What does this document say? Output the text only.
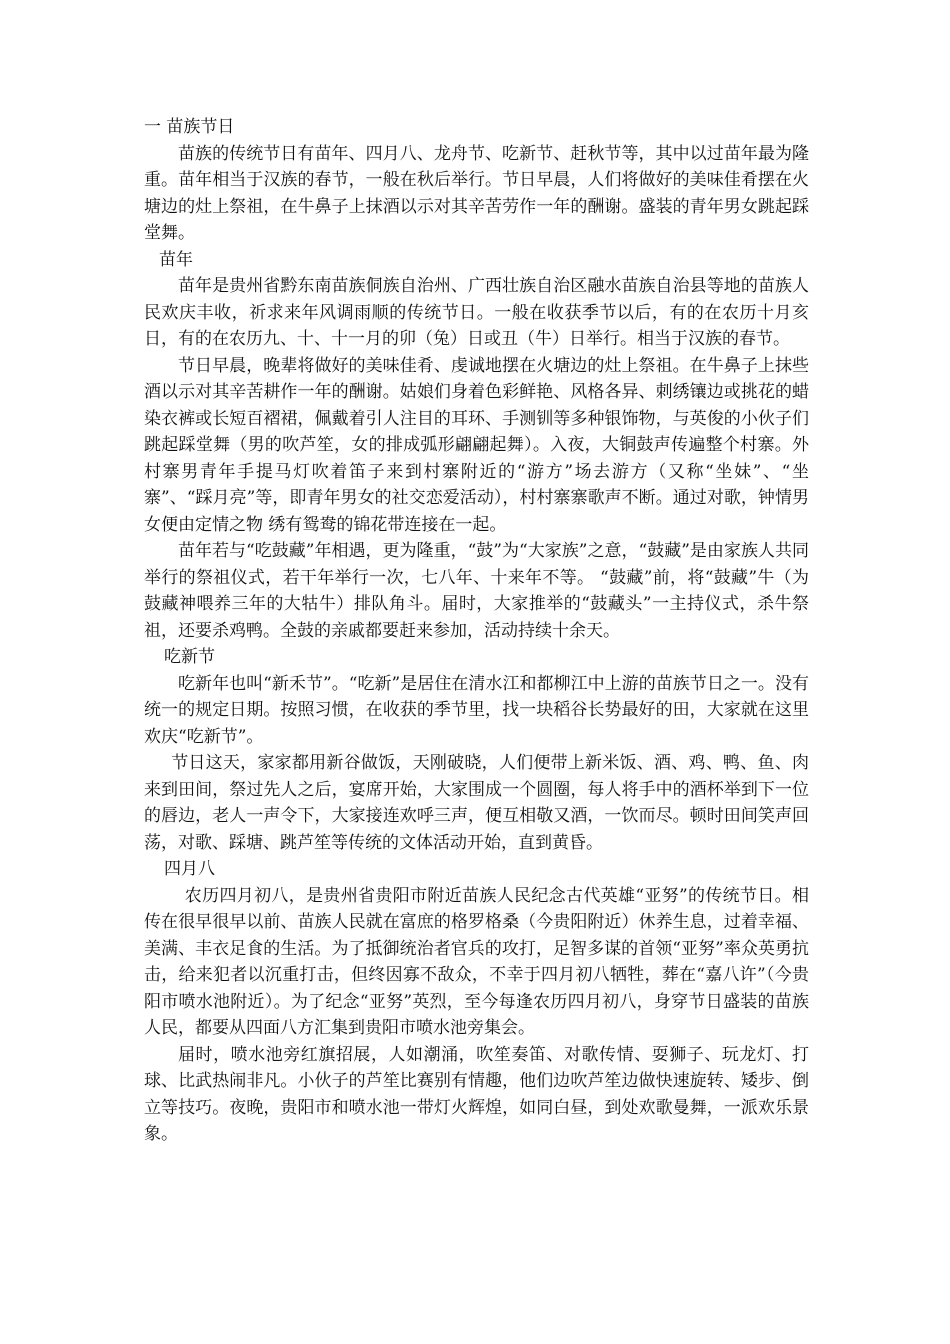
一 苗族节日

苗族的传统节日有苗年、四月八、龙舟节、吃新节、赶秋节等，其中以过苗年最为隆重。苗年相当于汉族的春节，一般在秋后举行。节日早晨，人们将做好的美味佳肴摆在火塘边的灶上祭祖，在牛鼻子上抹酒以示对其辛苦劳作一年的酬谢。盛装的青年男女跳起踩堂舞。

苗年

苗年是贵州省黔东南苗族侗族自治州、广西壮族自治区融水苗族自治县等地的苗族人民欢庆丰收，祈求来年风调雨顺的传统节日。一般在收获季节以后，有的在农历十月亥日，有的在农历九、十、十一月的卯（兔）日或丑（牛）日举行。相当于汉族的春节。

节日早晨，晚辈将做好的美味佳肴、虔诚地摆在火塘边的灶上祭祖。在牛鼻子上抹些酒以示对其辛苦耕作一年的酬谢。姑娘们身着色彩鲜艳、风格各异、刺绣镶边或挑花的蜡染衣裤或长短百褶裙，佩戴着引人注目的耳环、手测钏等多种银饰物，与英俊的小伙子们跳起踩堂舞（男的吹芦笙，女的排成弧形翩翩起舞）。入夜，大铜鼓声传遍整个村寨。外村寨男青年手提马灯吹着笛子来到村寨附近的“游方”场去游方（又称“坐妹”、“坐寨”、“踩月亮”等，即青年男女的社交恋爱活动），村村寨寨歌声不断。通过对歌，钟情男女便由定情之物 绣有鸳鸯的锦花带连接在一起。

苗年若与“吃鼓藏”年相遇，更为隆重，“鼓”为“大家族”之意，“鼓藏”是由家族人共同举行的祭祖仪式，若干年举行一次，七八年、十来年不等。 “鼓藏”前，将“鼓藏”牛（为鼓藏神喂养三年的大牯牛）排队角斗。届时，大家推举的“鼓藏头”一主持仪式，杀牛祭祖，还要杀鸡鸭。全鼓的亲戚都要赶来参加，活动持续十余天。

吃新节

吃新年也叫“新禾节”。“吃新”是居住在清水江和都柳江中上游的苗族节日之一。没有统一的规定日期。按照习惯，在收获的季节里，找一块稻谷长势最好的田，大家就在这里欢庆“吃新节”。

节日这天，家家都用新谷做饭，天刚破晓，人们便带上新米饭、酒、鸡、鸭、鱼、肉来到田间，祭过先人之后，宴席开始，大家围成一个圆圈，每人将手中的酒杯举到下一位的唇边，老人一声令下，大家接连欢呼三声，便互相敬又酒，一饮而尽。顿时田间笑声回荡，对歌、踩塘、跳芦笙等传统的文体活动开始，直到黄昏。

四月八

农历四月初八，是贵州省贵阳市附近苗族人民纪念古代英雄“亚努”的传统节日。相传在很早很早以前、苗族人民就在富庶的格罗格桑（今贵阳附近）休养生息，过着幸福、美满、丰衣足食的生活。为了抵御统治者官兵的攻打，足智多谋的首领“亚努”率众英勇抗击，给来犯者以沉重打击，但终因寡不敌众，不幸于四月初八牺牲，葬在“嘉八许”（今贵阳市喷水池附近）。为了纪念“亚努”英烈，至今每逢农历四月初八，身穿节日盛装的苗族人民，都要从四面八方汇集到贵阳市喷水池旁集会。

届时，喷水池旁红旗招展，人如潮涌，吹笙奏笛、对歌传情、耍狮子、玩龙灯、打球、比武热闹非凡。小伙子的芦笙比赛别有情趣，他们边吹芦笙边做快速旋转、矮步、倒立等技巧。夜晚，贵阳市和喷水池一带灯火辉煌，如同白昼，到处欢歌曼舞，一派欢乐景象。
